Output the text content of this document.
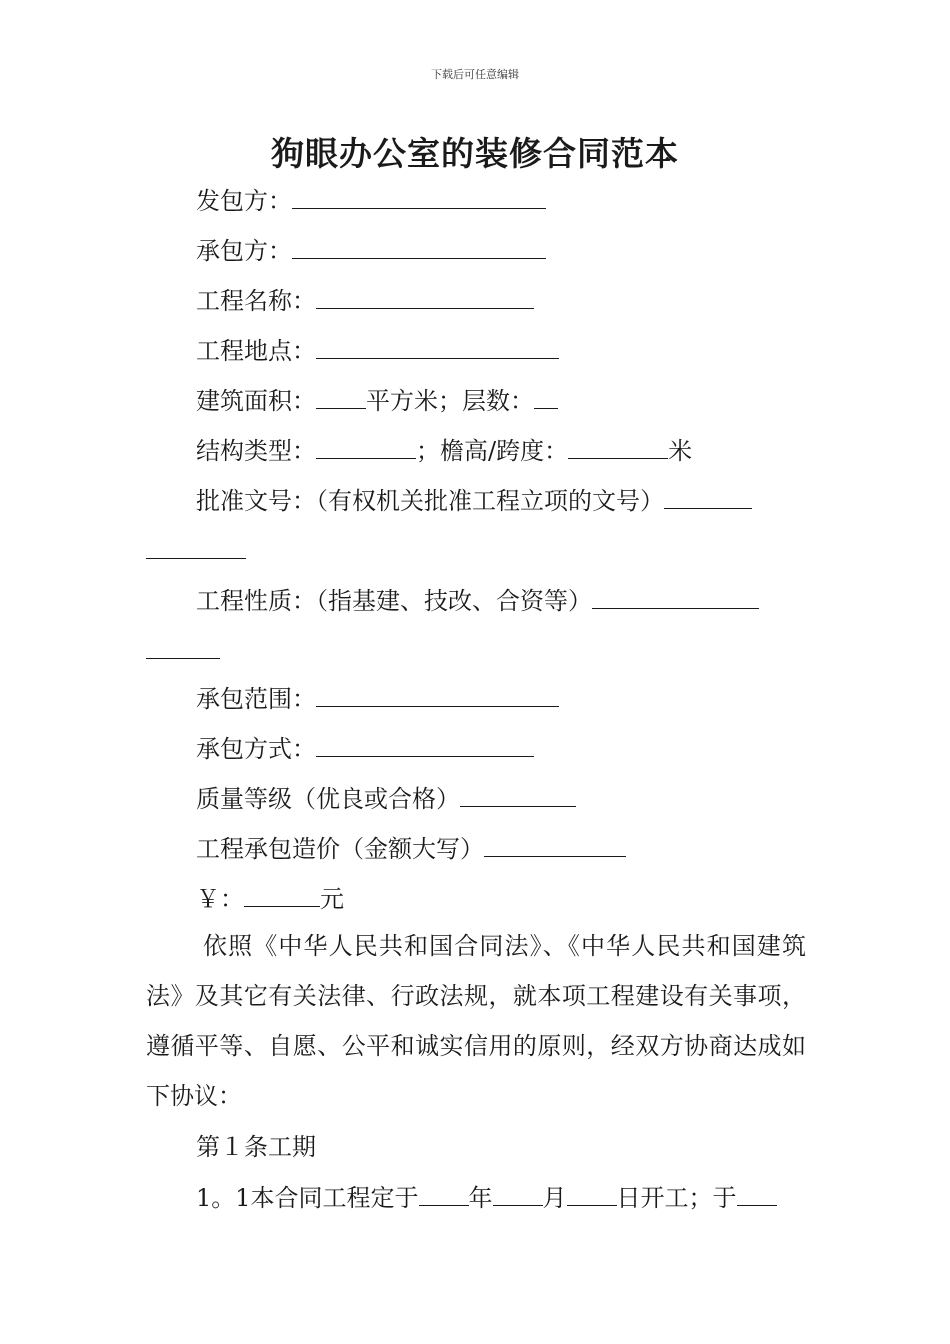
下载后可任意编辑
狗眼办公室的装修合同范本
发包方：
承包方：
工程名称：
工程地点：
建筑面积： 平方米；层数：
结构类型：	；檐高/跨度：	米
批准文号：（有权机关批准工程立项的文号）
工程性质：（指基建、技改、合资等）
承包范围：
承包方式：
质量等级（优良或合格）
工程承包造价（金额大写）
￥：	元
依照《中华人民共和国合同法》、《中华人民共和国建筑法》及其它有关法律、行政法规，就本项工程建设有关事项，遵循平等、自愿、公平和诚实信用的原则，经双方协商达成如下协议：
第１条工期
1。1本合同工程定于 年 月 日开工；于
